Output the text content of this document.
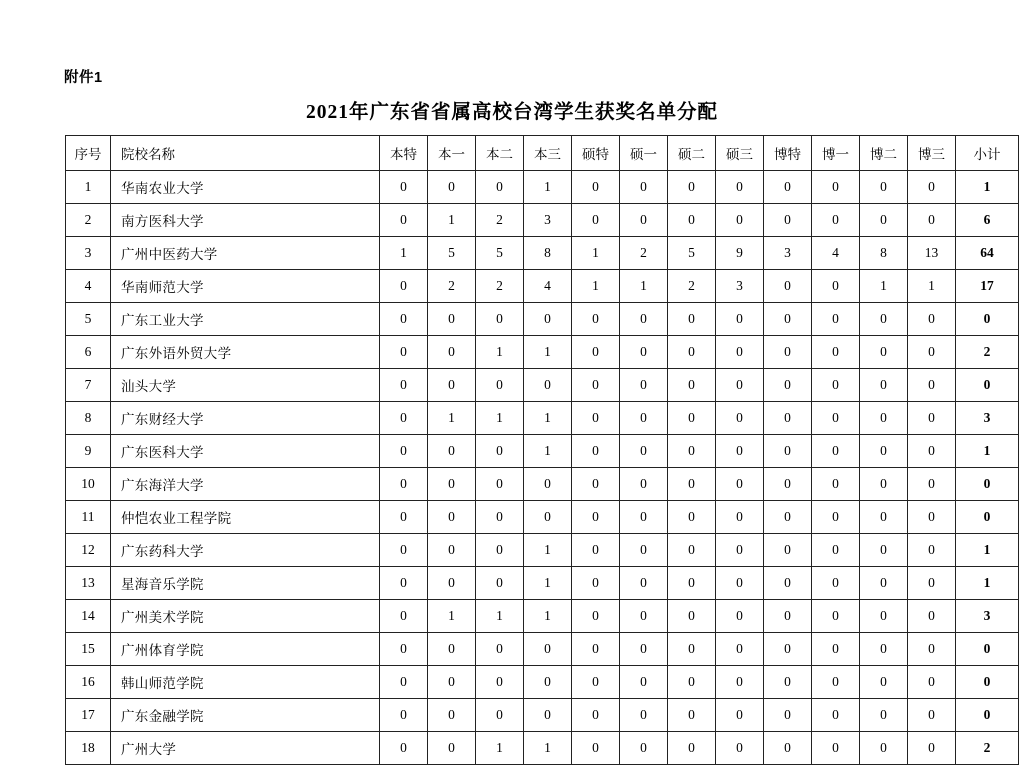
附件1
2021年广东省省属高校台湾学生获奖名单分配
序号	院校名称	本特	本一	本二	本三	硕特	硕一	硕二	硕三	博特	博一	博二	博三	小计
1	华南农业大学	0	0	0	1	0	0	0	0	0	0	0	0	1
2	南方医科大学	0	1	2	3	0	0	0	0	0	0	0	0	6
3	广州中医药大学	1	5	5	8	1	2	5	9	3	4	8	13	64
4	华南师范大学	0	2	2	4	1	1	2	3	0	0	1	1	17
5	广东工业大学	0	0	0	0	0	0	0	0	0	0	0	0	0
6	广东外语外贸大学	0	0	1	1	0	0	0	0	0	0	0	0	2
7	汕头大学	0	0	0	0	0	0	0	0	0	0	0	0	0
8	广东财经大学	0	1	1	1	0	0	0	0	0	0	0	0	3
9	广东医科大学	0	0	0	1	0	0	0	0	0	0	0	0	1
10	广东海洋大学	0	0	0	0	0	0	0	0	0	0	0	0	0
11	仲恺农业工程学院	0	0	0	0	0	0	0	0	0	0	0	0	0
12	广东药科大学	0	0	0	1	0	0	0	0	0	0	0	0	1
13	星海音乐学院	0	0	0	1	0	0	0	0	0	0	0	0	1
14	广州美术学院	0	1	1	1	0	0	0	0	0	0	0	0	3
15	广州体育学院	0	0	0	0	0	0	0	0	0	0	0	0	0
16	韩山师范学院	0	0	0	0	0	0	0	0	0	0	0	0	0
17	广东金融学院	0	0	0	0	0	0	0	0	0	0	0	0	0
18	广州大学	0	0	1	1	0	0	0	0	0	0	0	0	2
